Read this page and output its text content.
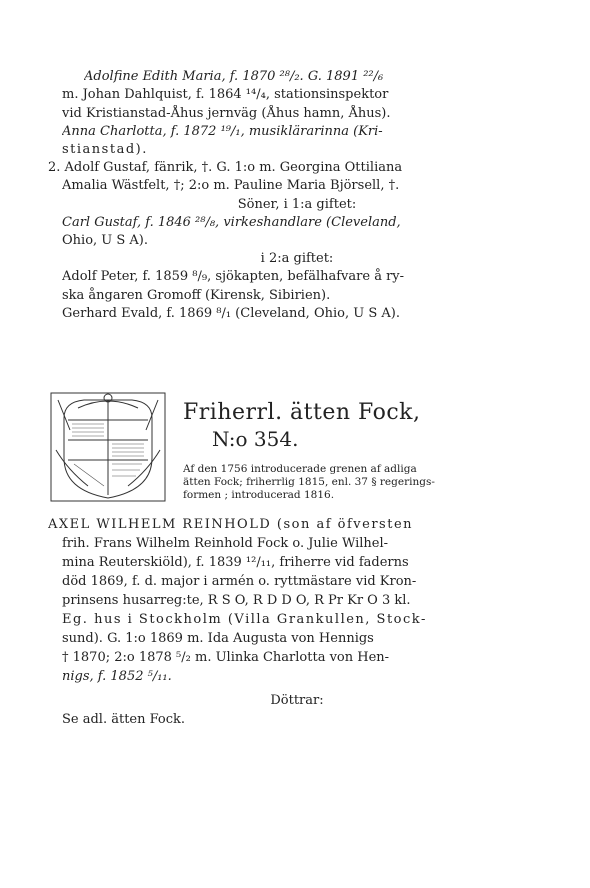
Adolfine Edith Maria, f. 1870 ²⁸/₂. G. 1891 ²²/₆
m. Johan Dahlquist, f. 1864 ¹⁴/₄, stationsinspektor
vid Kristianstad-Åhus jernväg (Åhus hamn, Åhus).
Anna Charlotta, f. 1872 ¹⁹/₁, musiklärarinna (Kri-
stianstad).
2. Adolf Gustaf, fänrik, †. G. 1:o m. Georgina Ottiliana
Amalia Wästfelt, †; 2:o m. Pauline Maria Björsell, †.
Söner, i 1:a giftet:
Carl Gustaf, f. 1846 ²⁸/₈, virkeshandlare (Cleveland,
Ohio, U S A).
i 2:a giftet:
Adolf Peter, f. 1859 ⁸/₉, sjökapten, befälhafvare å ry-
ska ångaren Gromoff (Kirensk, Sibirien).
Gerhard Evald, f. 1869 ⁸/₁ (Cleveland, Ohio, U S A).
Friherrl. ätten Fock,
N:o 354.
Af den 1756 introducerade grenen af adliga
ätten Fock; friherrlig 1815, enl. 37 § regerings-
formen ; introducerad 1816.
AXEL WILHELM REINHOLD (son af öfversten
frih. Frans Wilhelm Reinhold Fock o. Julie Wilhel-
mina Reuterskiöld), f. 1839 ¹²/₁₁, friherre vid faderns
död 1869, f. d. major i armén o. ryttmästare vid Kron-
prinsens husarreg:te, R S O, R D D O, R Pr Kr O 3 kl.
Eg. hus i Stockholm (Villa Grankullen, Stock-
sund). G. 1:o 1869 m. Ida Augusta von Hennigs
† 1870; 2:o 1878 ⁵/₂ m. Ulinka Charlotta von Hen-
nigs, f. 1852 ⁵/₁₁.
Döttrar:
Se adl. ätten Fock.
